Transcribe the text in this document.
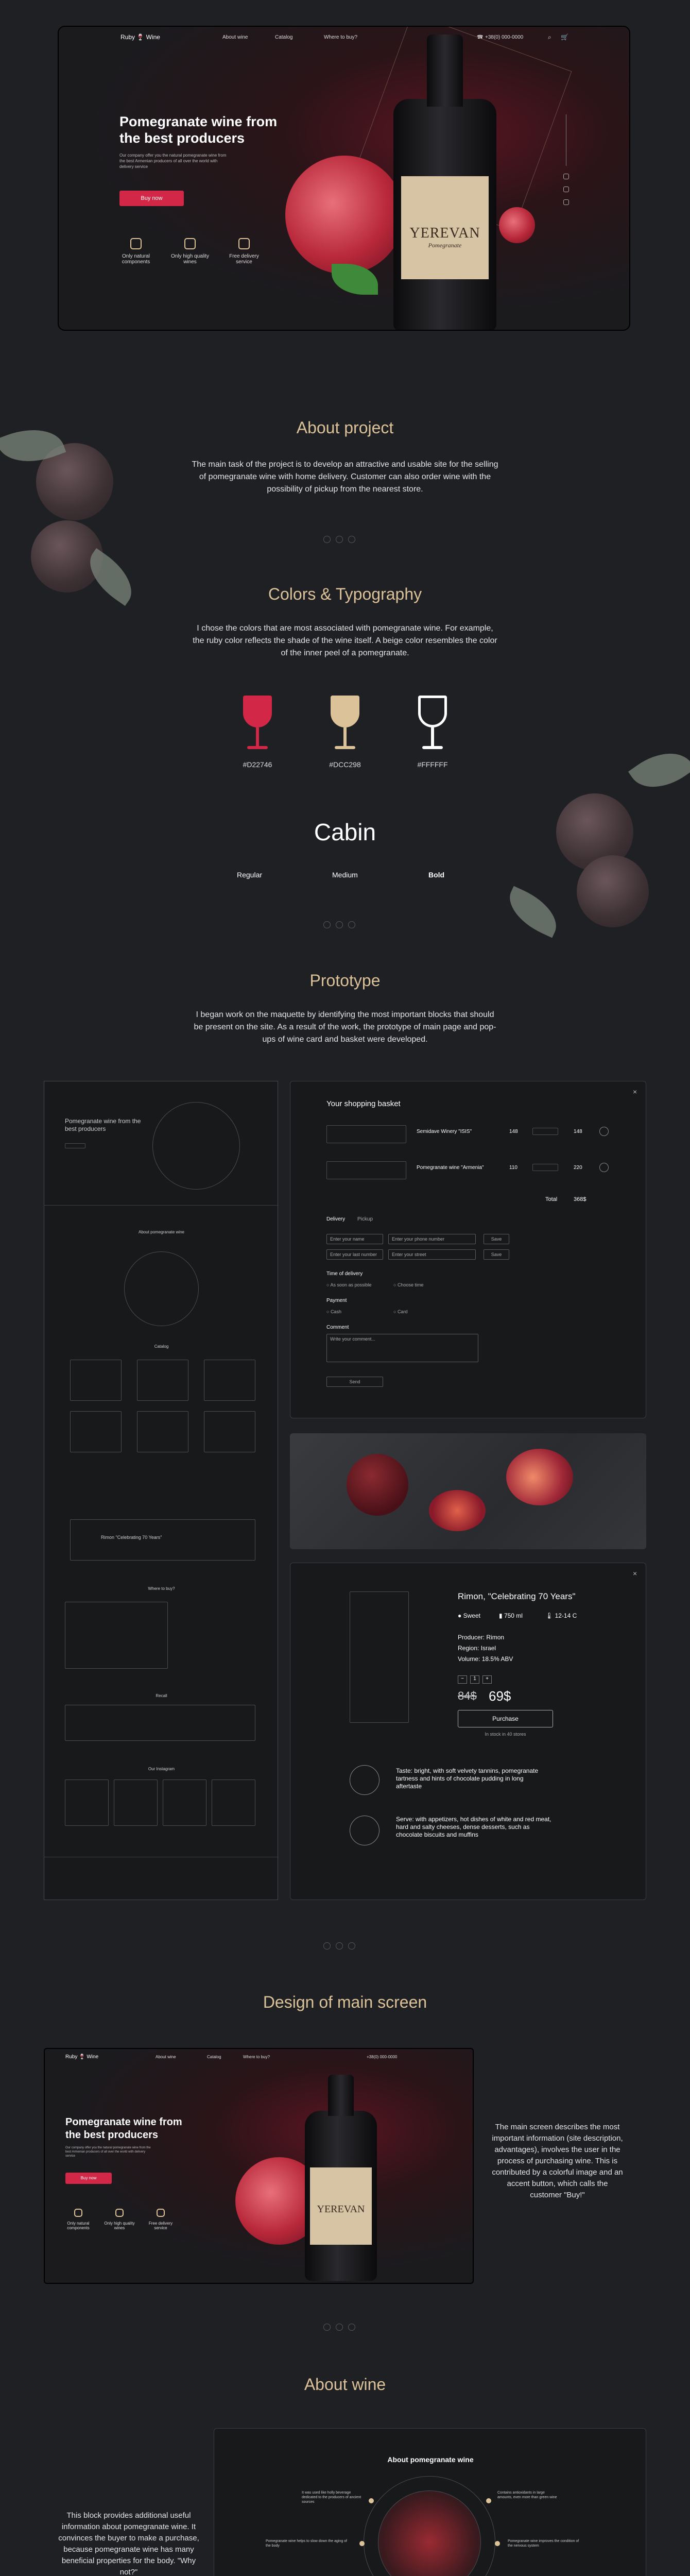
Ruby 🍷 Wine	About wine	Catalog	Where to buy?	☎ +38(0) 000-0000	⌕ 🛒
Pomegranate wine from the best producers
Our company offer you the natural pomegranate wine from the best Armenian producers of all over the world with delivery service
Buy now
Only natural components
Only high quality wines
Free delivery service
YEREVAN
Pomegranate
About project
The main task of the project is to develop an attractive and usable site for the selling of pomegranate wine with home delivery. Customer can also order wine with the possibility of pickup from the nearest store.
Colors & Typography
I chose the colors that are most associated with pomegranate wine. For example, the ruby color reflects the shade of the wine itself. A beige color resembles the color of the inner peel of a pomegranate.
#D22746	#DCC298	#FFFFFF
Cabin
Regular	Medium	Bold
Prototype
I began work on the maquette by identifying the most important blocks that should be present on the site. As a result of the work, the prototype of main page and pop-ups of wine card and basket were developed.
Pomegranate wine from the best producers
About pomegranate wine
Catalog
Rimon "Celebrating 70 Years"
Where to buy?
Recall
Our Instagram
×
Your shopping basket
Semidave Winery "ISIS"	148	148
Pomegranate wine "Armenia"	110	220
Total	368$
Delivery Pickup
Enter your name	Enter your phone number	Save
Enter your last number	Enter your street	Save
Time of delivery
○ As soon as possible	○ Choose time
Payment
○ Cash	○ Card
Comment
Write your comment...
Send
×
Rimon, "Celebrating 70 Years"
● Sweet	▮ 750 ml	🌡 12-14 C
Producer: Rimon
Region: Israel
Volume: 18.5% ABV
−	1	+
84$ 69$
Purchase
In stock in 40 stores
Taste: bright, with soft velvety tannins, pomegranate tartness and hints of chocolate pudding in long aftertaste
Serve: with appetizers, hot dishes of white and red meat, hard and salty cheeses, dense desserts, such as chocolate biscuits and muffins
Design of main screen
Ruby 🍷 Wine	About wine	Catalog	Where to buy?	+38(0) 000-0000
Pomegranate wine from the best producers
Our company offer you the natural pomegranate wine from the best Armenian producers of all over the world with delivery service
Buy now
Only natural components
Only high quality wines
Free delivery service
YEREVAN
The main screen describes the most important information (site description, advantages), involves the user in the process of purchasing wine. This is contributed by a colorful image and an accent button, which calls the customer "Buy!"
About wine
This block provides additional useful information about pomegranate wine. It convinces the buyer to make a purchase, because pomegranate wine has many beneficial properties for the body. "Why not?"
About pomegranate wine
It was used like holly beverage dedicated to the producers of ancient sources
Contains antioxidants in large amounts, even more than green wine
Pomegranate wine helps to slow down the aging of the body
Pomegranate wine improves the condition of the nervous system
